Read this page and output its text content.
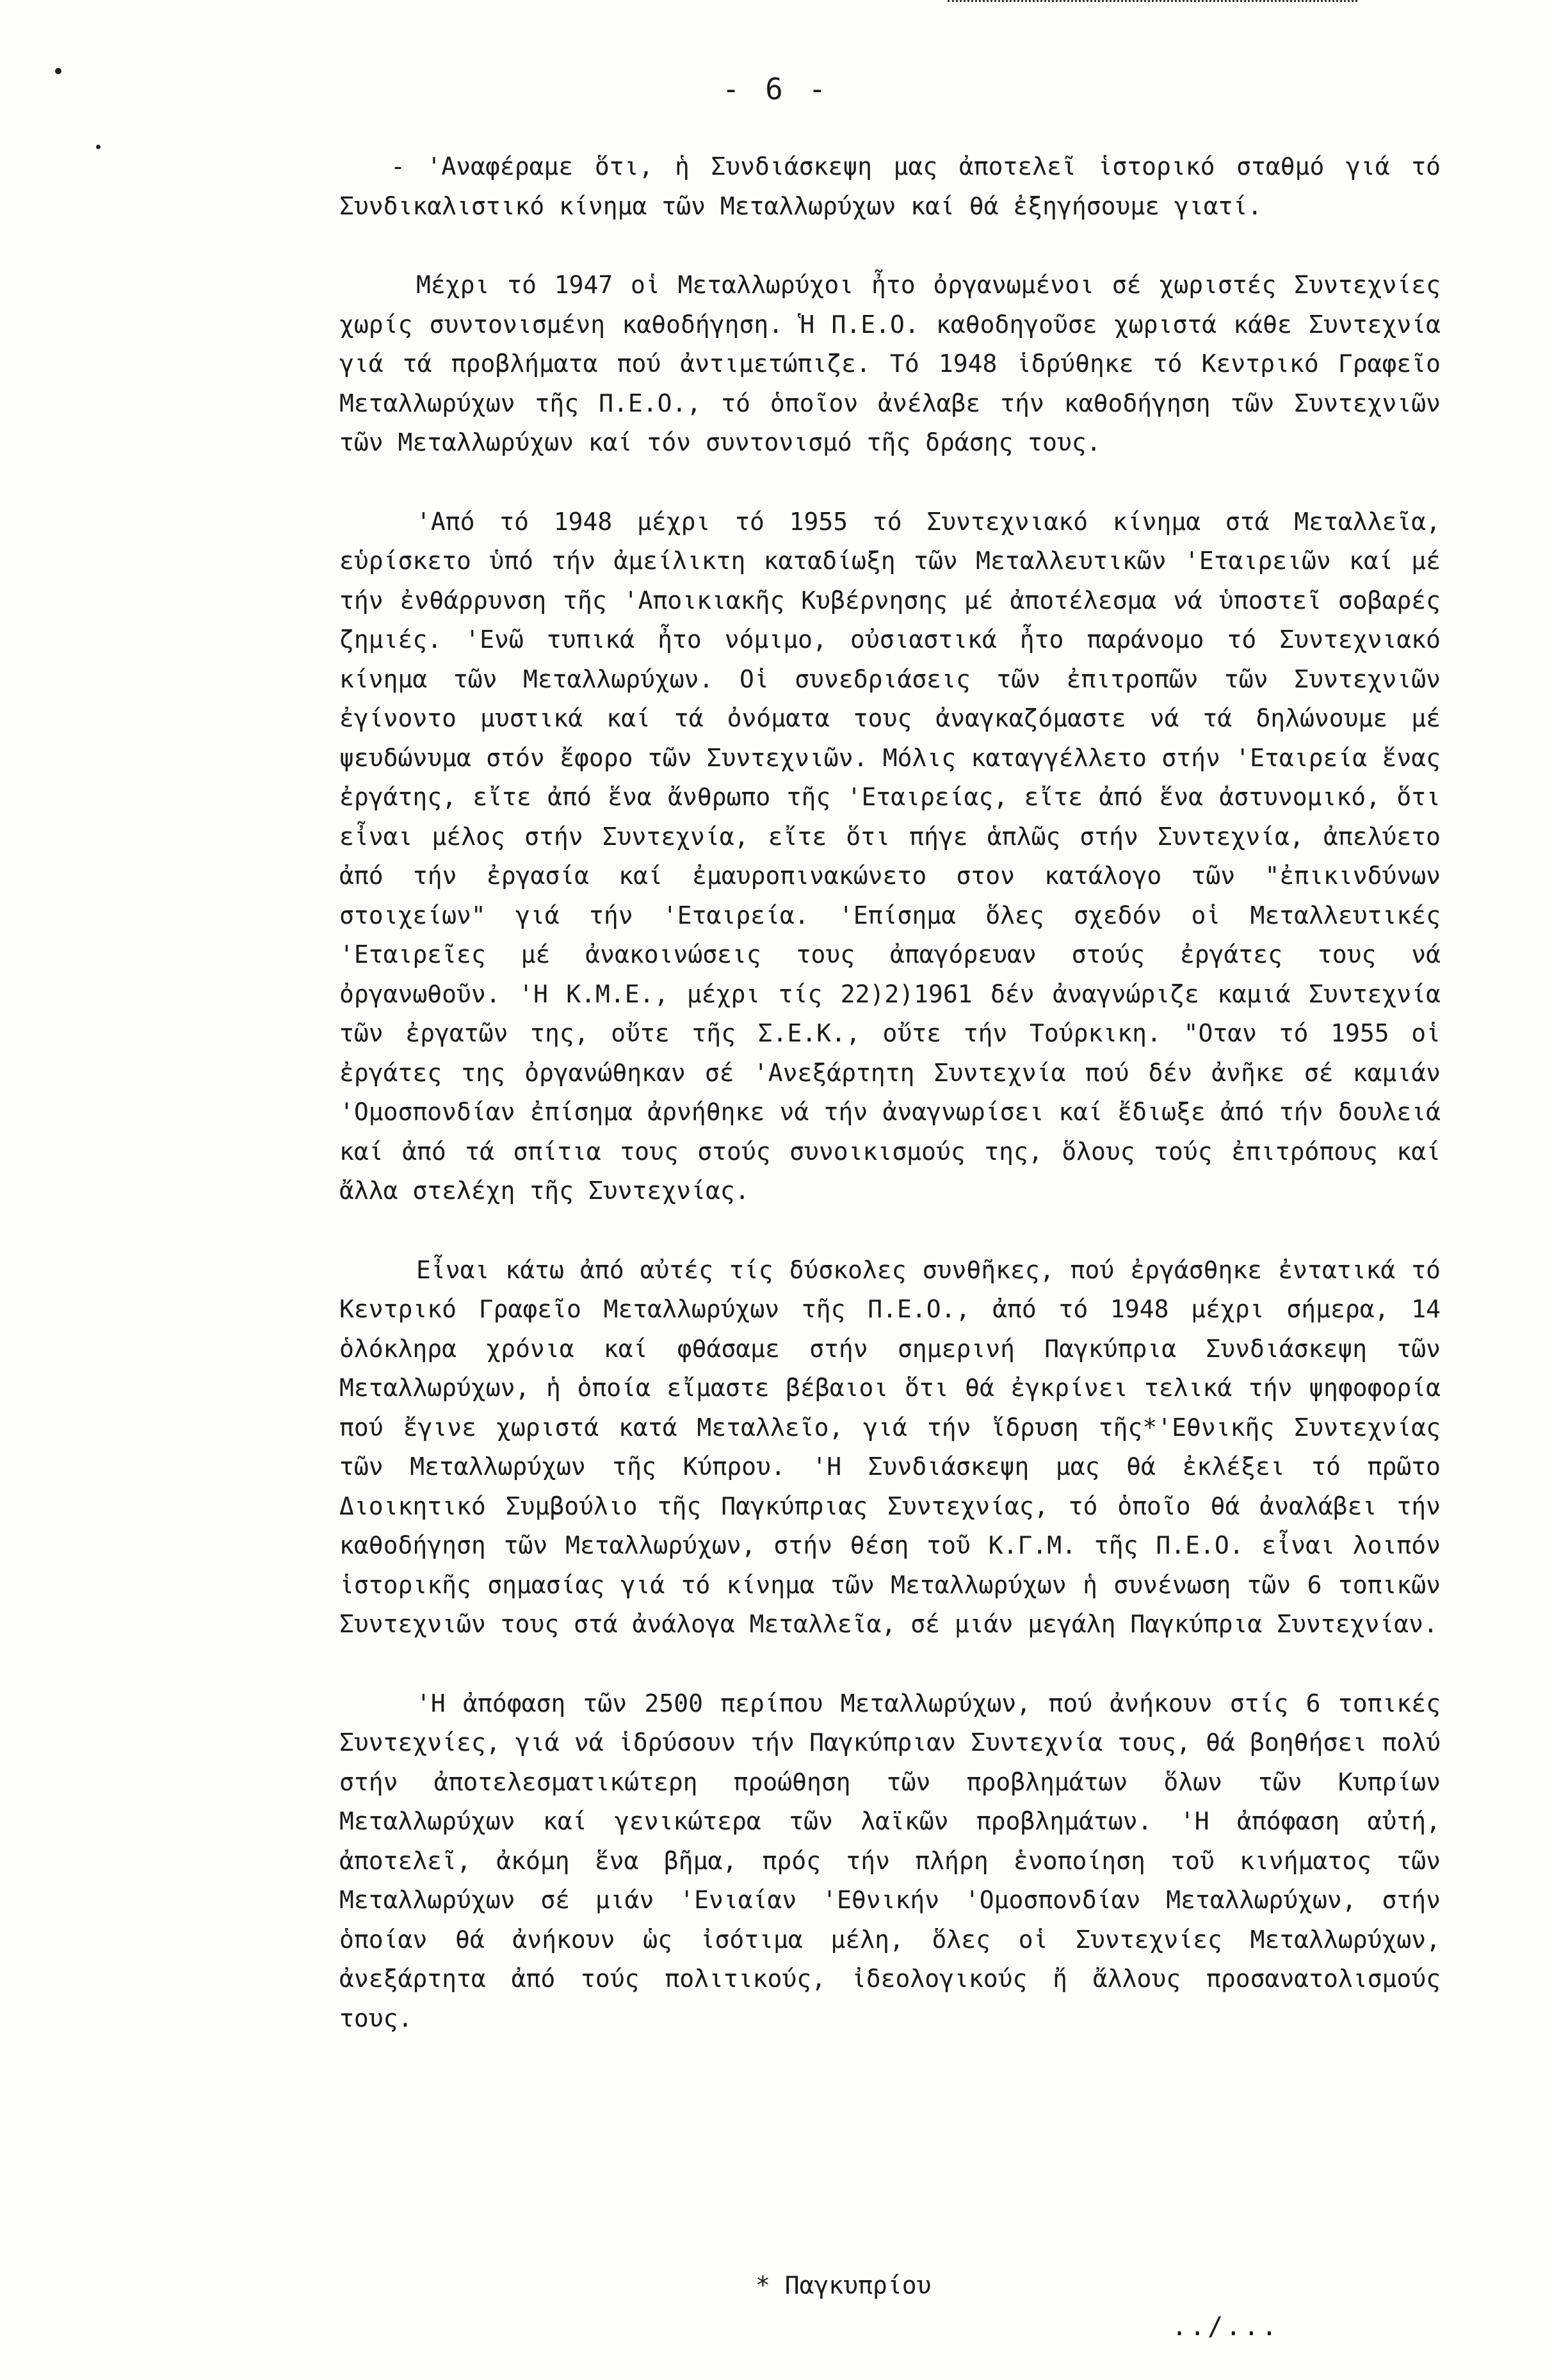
- 6 -

- 'Αναφέραμε ὅτι, ἡ Συνδιάσκεψη μας ἀποτελεῖ ἱστορικό σταθμό γιά τό Συνδικαλιστικό κίνημα τῶν Μεταλλωρύχων καί θά ἐξηγήσουμε γιατί.

Μέχρι τό 1947 οἱ Μεταλλωρύχοι ἦτο ὀργανωμένοι σέ χωριστές Συντεχνίες χωρίς συντονισμένη καθοδήγηση. Ἡ Π.Ε.Ο. καθοδηγοῦσε χωριστά κάθε Συντεχνία γιά τά προβλήματα πού ἀντιμετώπιζε. Τό 1948 ἱδρύθηκε τό Κεντρικό Γραφεῖο Μεταλλωρύχων τῆς Π.Ε.Ο., τό ὁποῖον ἀνέλαβε τήν καθοδήγηση τῶν Συντεχνιῶν τῶν Μεταλλωρύχων καί τόν συντονισμό τῆς δράσης τους.

'Από τό 1948 μέχρι τό 1955 τό Συντεχνιακό κίνημα στά Μεταλλεῖα, εὑρίσκετο ὑπό τήν ἀμείλικτη καταδίωξη τῶν Μεταλλευτικῶν 'Εταιρειῶν καί μέ τήν ἐνθάρρυνση τῆς 'Αποικιακῆς Κυβέρνησης μέ ἀποτέλεσμα νά ὑποστεῖ σοβαρές ζημιές. 'Ενῶ τυπικά ἦτο νόμιμο, οὐσιαστικά ἦτο παράνομο τό Συντεχνιακό κίνημα τῶν Μεταλλωρύχων. Οἱ συνεδριάσεις τῶν ἐπιτροπῶν τῶν Συντεχνιῶν ἐγίνοντο μυστικά καί τά ὀνόματα τους ἀναγκαζόμαστε νά τά δηλώνουμε μέ ψευδώνυμα στόν ἔφορο τῶν Συντεχνιῶν. Μόλις καταγγέλλετο στήν 'Εταιρεία ἕνας ἐργάτης, εἴτε ἀπό ἕνα ἄνθρωπο τῆς 'Εταιρείας, εἴτε ἀπό ἕνα ἀστυνομικό, ὅτι εἶναι μέλος στήν Συντεχνία, εἴτε ὅτι πήγε ἁπλῶς στήν Συντεχνία, ἀπελύετο ἀπό τήν ἐργασία καί ἐμαυροπινακώνετο στον κατάλογο τῶν "ἐπικινδύνων στοιχείων" γιά τήν 'Εταιρεία. 'Επίσημα ὅλες σχεδόν οἱ Μεταλλευτικές 'Εταιρεῖες μέ ἀνακοινώσεις τους ἀπαγόρευαν στούς ἐργάτες τους νά ὀργανωθοῦν. 'Η Κ.Μ.Ε., μέχρι τίς 22)2)1961 δέν ἀναγνώριζε καμιά Συντεχνία τῶν ἐργατῶν της, οὔτε τῆς Σ.Ε.Κ., οὔτε τήν Τούρκικη. "Οταν τό 1955 οἱ ἐργάτες της ὀργανώθηκαν σέ 'Ανεξάρτητη Συντεχνία πού δέν ἀνῆκε σέ καμιάν 'Ομοσπονδίαν ἐπίσημα ἀρνήθηκε νά τήν ἀναγνωρίσει καί ἔδιωξε ἀπό τήν δουλειά καί ἀπό τά σπίτια τους στούς συνοικισμούς της, ὅλους τούς ἐπιτρόπους καί ἄλλα στελέχη τῆς Συντεχνίας.

Εἶναι κάτω ἀπό αὐτές τίς δύσκολες συνθῆκες, πού ἐργάσθηκε ἐντατικά τό Κεντρικό Γραφεῖο Μεταλλωρύχων τῆς Π.Ε.Ο., ἀπό τό 1948 μέχρι σήμερα, 14 ὁλόκληρα χρόνια καί φθάσαμε στήν σημερινή Παγκύπρια Συνδιάσκεψη τῶν Μεταλλωρύχων, ἡ ὁποία εἴμαστε βέβαιοι ὅτι θά ἐγκρίνει τελικά τήν ψηφοφορία πού ἔγινε χωριστά κατά Μεταλλεῖο, γιά τήν ἵδρυση τῆς*'Εθνικῆς Συντεχνίας τῶν Μεταλλωρύχων τῆς Κύπρου. 'Η Συνδιάσκεψη μας θά ἐκλέξει τό πρῶτο Διοικητικό Συμβούλιο τῆς Παγκύπριας Συντεχνίας, τό ὁποῖο θά ἀναλάβει τήν καθοδήγηση τῶν Μεταλλωρύχων, στήν θέση τοῦ Κ.Γ.Μ. τῆς Π.Ε.Ο. εἶναι λοιπόν ἱστορικῆς σημασίας γιά τό κίνημα τῶν Μεταλλωρύχων ἡ συνένωση τῶν 6 τοπικῶν Συντεχνιῶν τους στά ἀνάλογα Μεταλλεῖα, σέ μιάν μεγάλη Παγκύπρια Συντεχνίαν.

'Η ἀπόφαση τῶν 2500 περίπου Μεταλλωρύχων, πού ἀνήκουν στίς 6 τοπικές Συντεχνίες, γιά νά ἱδρύσουν τήν Παγκύπριαν Συντεχνία τους, θά βοηθήσει πολύ στήν ἀποτελεσματικώτερη προώθηση τῶν προβλημάτων ὅλων τῶν Κυπρίων Μεταλλωρύχων καί γενικώτερα τῶν λαϊκῶν προβλημάτων. 'Η ἀπόφαση αὐτή, ἀποτελεῖ, ἀκόμη ἕνα βῆμα, πρός τήν πλήρη ἑνοποίηση τοῦ κινήματος τῶν Μεταλλωρύχων σέ μιάν 'Ενιαίαν 'Εθνικήν 'Ομοσπονδίαν Μεταλλωρύχων, στήν ὁποίαν θά ἀνήκουν ὡς ἰσότιμα μέλη, ὅλες οἱ Συντεχνίες Μεταλλωρύχων, ἀνεξάρτητα ἀπό τούς πολιτικούς, ἰδεολογικούς ἤ ἄλλους προσανατολισμούς τους.

* Παγκυπρίου
../...
